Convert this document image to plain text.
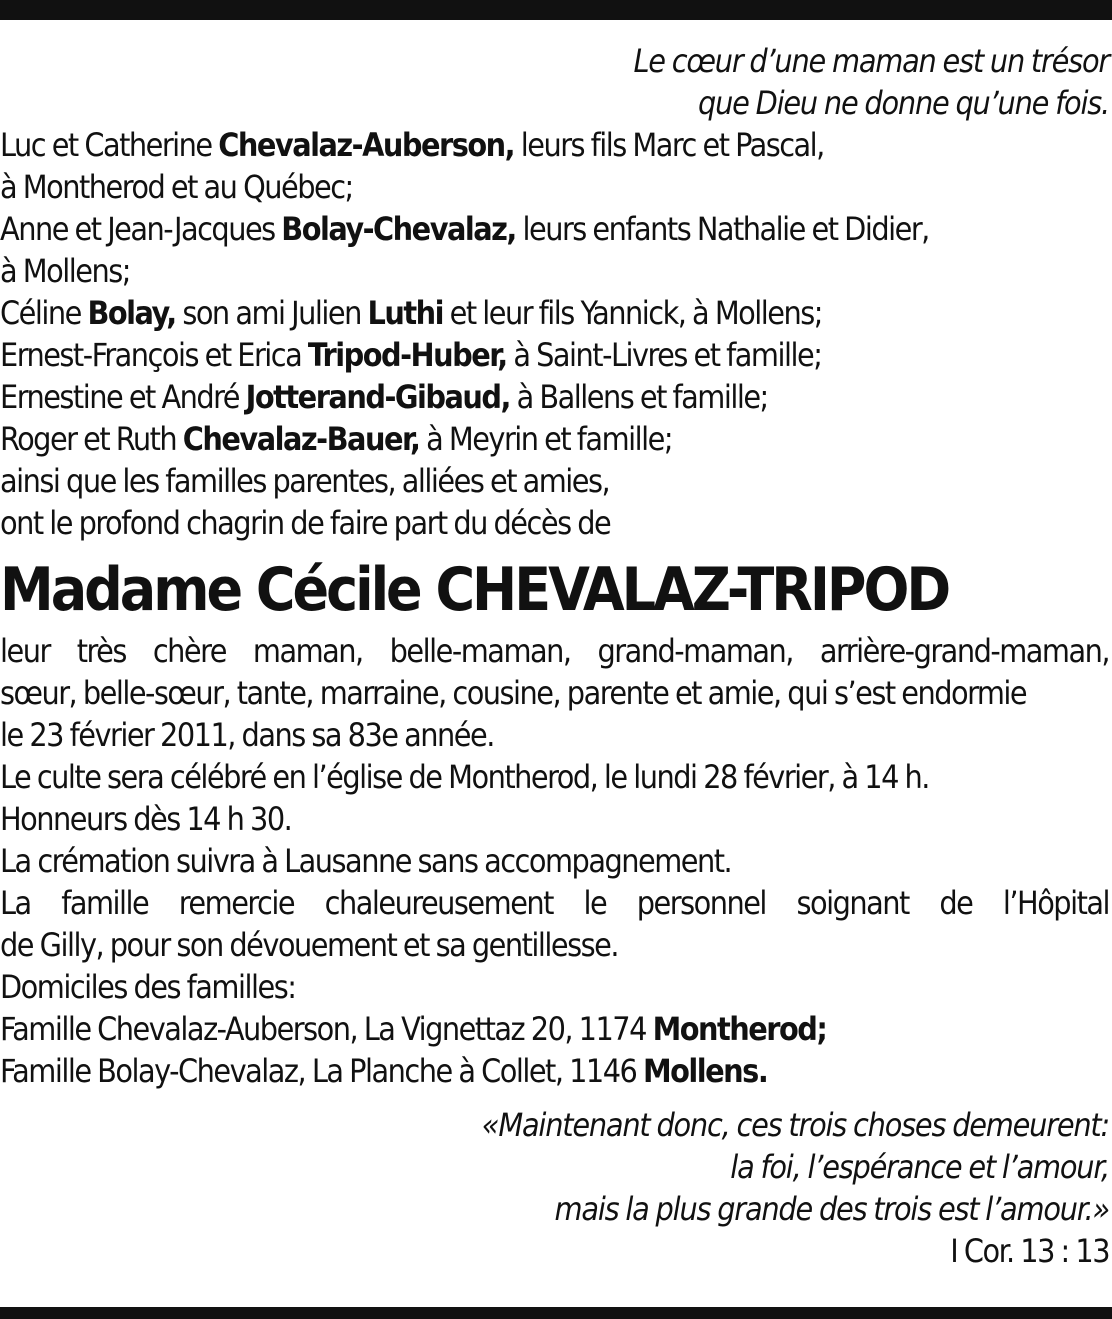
Le cœur d’une maman est un trésor
que Dieu ne donne qu’une fois.
Luc et Catherine Chevalaz-Auberson, leurs fils Marc et Pascal,
à Montherod et au Québec;
Anne et Jean-Jacques Bolay-Chevalaz, leurs enfants Nathalie et Didier,
à Mollens;
Céline Bolay, son ami Julien Luthi et leur fils Yannick, à Mollens;
Ernest-François et Erica Tripod-Huber, à Saint-Livres et famille;
Ernestine et André Jotterand-Gibaud, à Ballens et famille;
Roger et Ruth Chevalaz-Bauer, à Meyrin et famille;
ainsi que les familles parentes, alliées et amies,
ont le profond chagrin de faire part du décès de
Madame Cécile CHEVALAZ-TRIPOD
leur très chère maman, belle-maman, grand-maman, arrière-grand-maman,
sœur, belle-sœur, tante, marraine, cousine, parente et amie, qui s’est endormie
le 23 février 2011, dans sa 83e année.
Le culte sera célébré en l’église de Montherod, le lundi 28 février, à 14 h.
Honneurs dès 14 h 30.
La crémation suivra à Lausanne sans accompagnement.
La famille remercie chaleureusement le personnel soignant de l’Hôpital
de Gilly, pour son dévouement et sa gentillesse.
Domiciles des familles:
Famille Chevalaz-Auberson, La Vignettaz 20, 1174 Montherod;
Famille Bolay-Chevalaz, La Planche à Collet, 1146 Mollens.
«Maintenant donc, ces trois choses demeurent:
la foi, l’espérance et l’amour,
mais la plus grande des trois est l’amour.»
I Cor. 13 : 13
